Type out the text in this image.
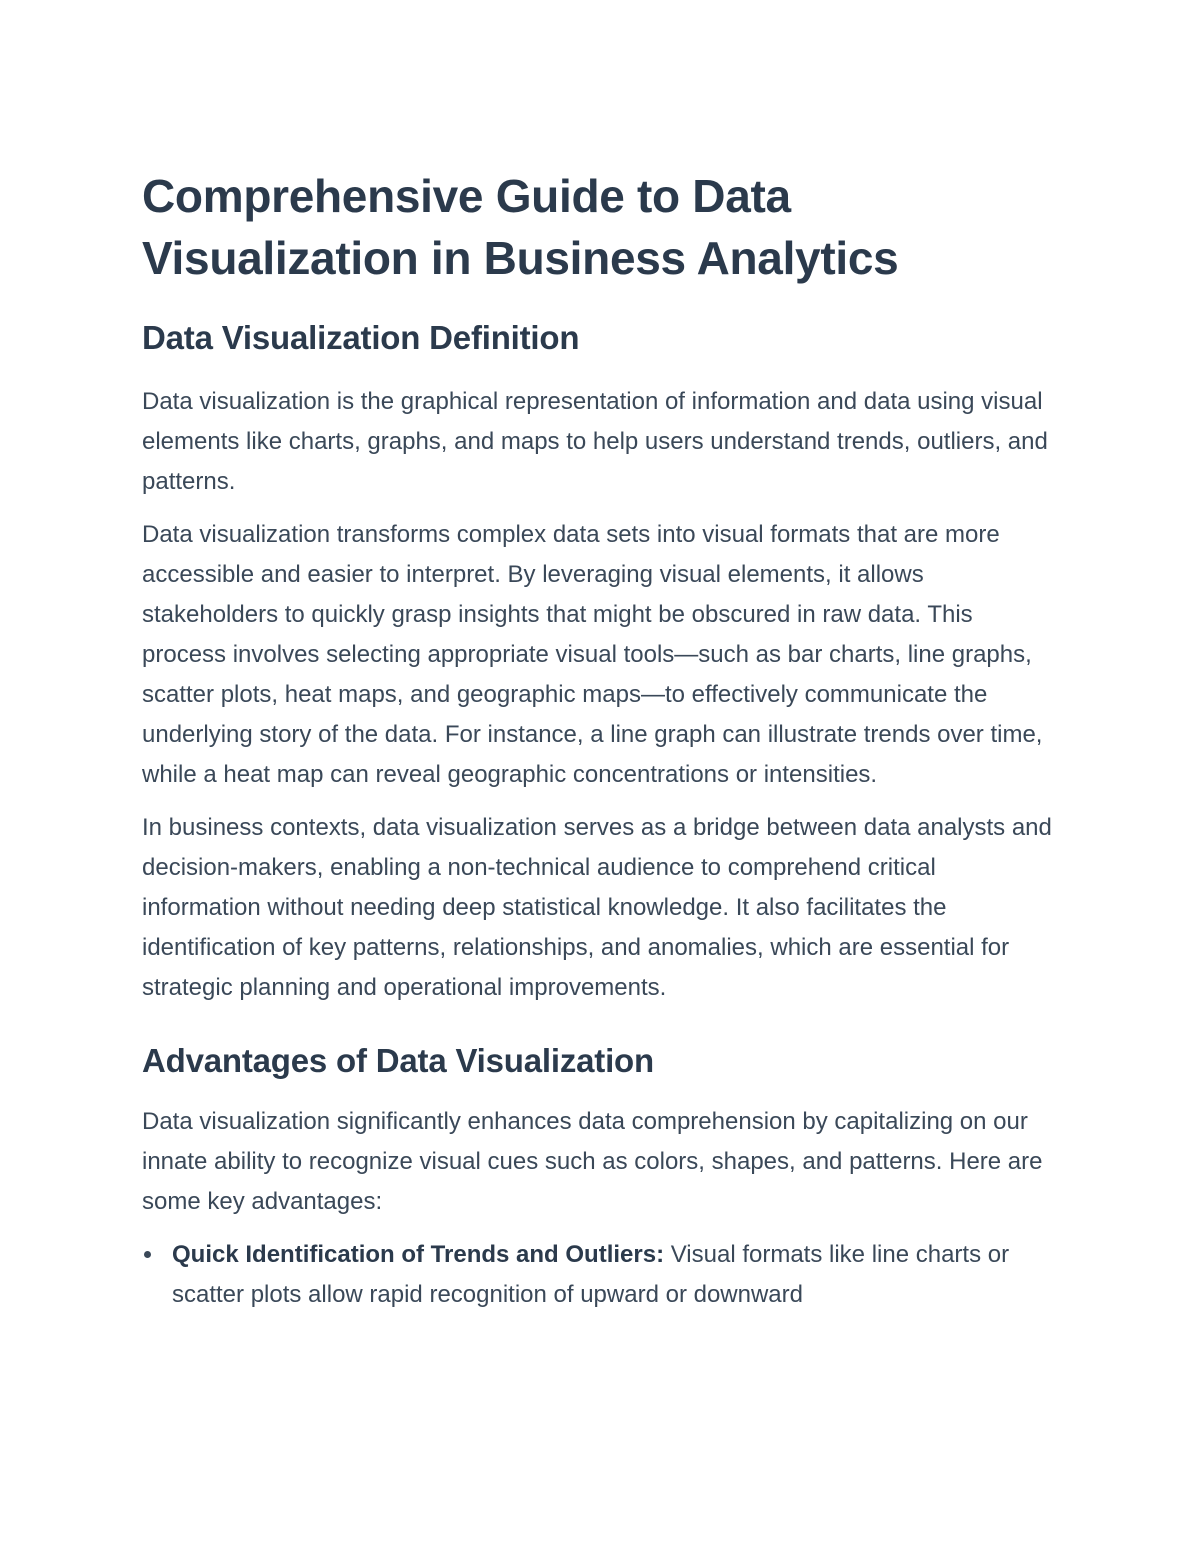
Comprehensive Guide to Data Visualization in Business Analytics
Data Visualization Definition

Data visualization is the graphical representation of information and data using visual elements like charts, graphs, and maps to help users understand trends, outliers, and patterns.

Data visualization transforms complex data sets into visual formats that are more accessible and easier to interpret. By leveraging visual elements, it allows stakeholders to quickly grasp insights that might be obscured in raw data. This process involves selecting appropriate visual tools—such as bar charts, line graphs, scatter plots, heat maps, and geographic maps—to effectively communicate the underlying story of the data. For instance, a line graph can illustrate trends over time, while a heat map can reveal geographic concentrations or intensities.

In business contexts, data visualization serves as a bridge between data analysts and decision-makers, enabling a non-technical audience to comprehend critical information without needing deep statistical knowledge. It also facilitates the identification of key patterns, relationships, and anomalies, which are essential for strategic planning and operational improvements.

Advantages of Data Visualization

Data visualization significantly enhances data comprehension by capitalizing on our innate ability to recognize visual cues such as colors, shapes, and patterns. Here are some key advantages:

Quick Identification of Trends and Outliers: Visual formats like line charts or scatter plots allow rapid recognition of upward or downward
